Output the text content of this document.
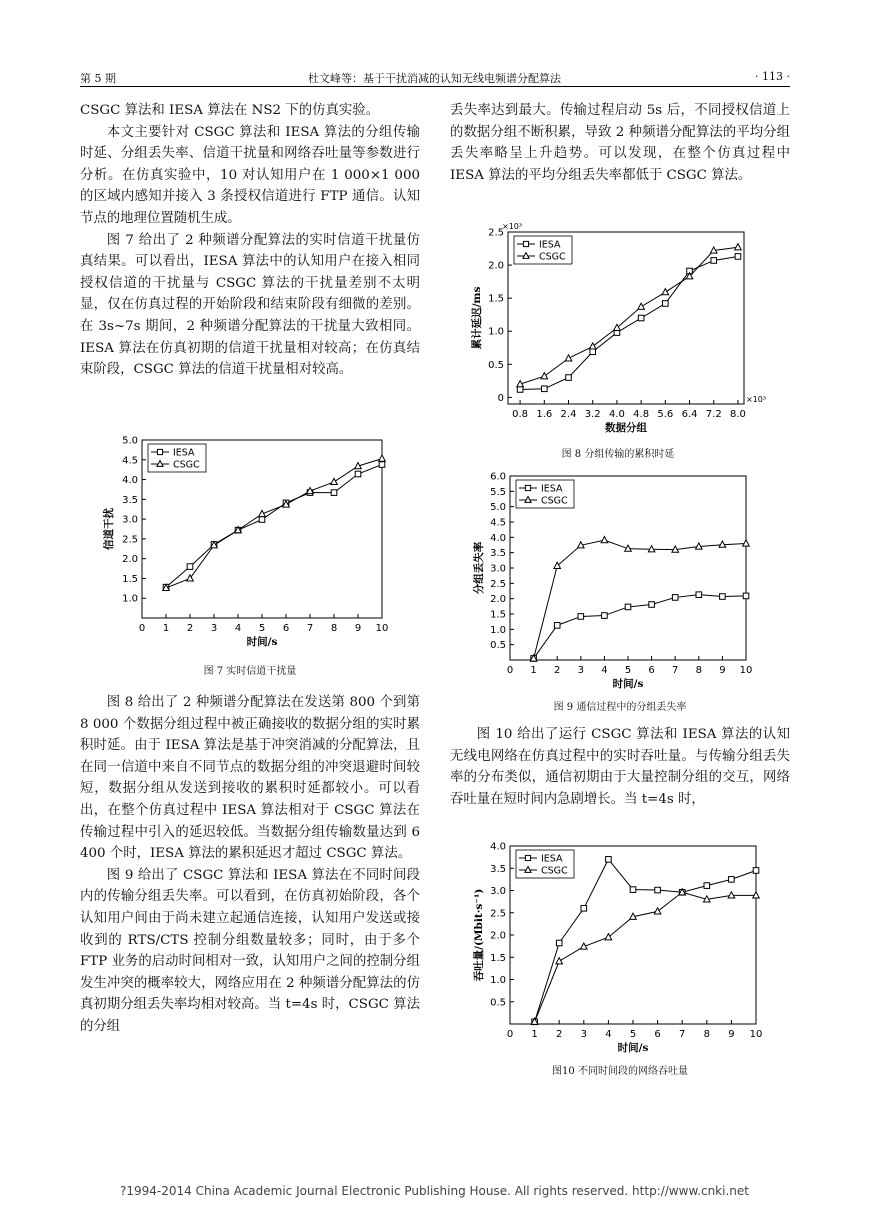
第 5 期	杜文峰等：基于干扰消减的认知无线电频谱分配算法	· 113 ·

CSGC 算法和 IESA 算法在 NS2 下的仿真实验。

本文主要针对 CSGC 算法和 IESA 算法的分组传输时延、分组丢失率、信道干扰量和网络吞吐量等参数进行分析。在仿真实验中，10 对认知用户在 1 000×1 000 的区域内感知并接入 3 条授权信道进行 FTP 通信。认知节点的地理位置随机生成。

图 7 给出了 2 种频谱分配算法的实时信道干扰量仿真结果。可以看出，IESA 算法中的认知用户在接入相同授权信道的干扰量与 CSGC 算法的干扰量差别不太明显，仅在仿真过程的开始阶段和结束阶段有细微的差别。在 3s~7s 期间，2 种频谱分配算法的干扰量大致相同。IESA 算法在仿真初期的信道干扰量相对较高；在仿真结束阶段，CSGC 算法的信道干扰量相对较高。

图 8 给出了 2 种频谱分配算法在发送第 800 个到第 8 000 个数据分组过程中被正确接收的数据分组的实时累积时延。由于 IESA 算法是基于冲突消减的分配算法，且在同一信道中来自不同节点的数据分组的冲突退避时间较短，数据分组从发送到接收的累积时延都较小。可以看出，在整个仿真过程中 IESA 算法相对于 CSGC 算法在传输过程中引入的延迟较低。当数据分组传输数量达到 6 400 个时，IESA 算法的累积延迟才超过 CSGC 算法。

图 9 给出了 CSGC 算法和 IESA 算法在不同时间段内的传输分组丢失率。可以看到，在仿真初始阶段，各个认知用户间由于尚未建立起通信连接，认知用户发送或接收到的 RTS/CTS 控制分组数量较多；同时，由于多个 FTP 业务的启动时间相对一致，认知用户之间的控制分组发生冲突的概率较大，网络应用在 2 种频谱分配算法的仿真初期分组丢失率均相对较高。当 t=4s 时，CSGC 算法的分组

丢失率达到最大。传输过程启动 5s 后，不同授权信道上的数据分组不断积累，导致 2 种频谱分配算法的平均分组丢失率略呈上升趋势。可以发现，在整个仿真过程中 IESA 算法的平均分组丢失率都低于 CSGC 算法。

图 10 给出了运行 CSGC 算法和 IESA 算法的认知无线电网络在仿真过程中的实时吞吐量。与传输分组丢失率的分布类似，通信初期由于大量控制分组的交互，网络吞吐量在短时间内急剧增长。当 t=4s 时，

0 1 2 3 4 5 6 7 8 9 10
1.0
1.5
2.0
2.5
3.0
3.5
4.0
4.5
5.0
时间/s
信道干扰
IESA
CSGC
图 7 实时信道干扰量
0.8 1.6 2.4 3.2 4.0 4.8 5.6 6.4 7.2 8.0
0
0.5
1.0
1.5
2.0
2.5
数据分组
累计延迟/ms
×10³
×10³
IESA
CSGC
图 8 分组传输的累积时延
0 1 2 3 4 5 6 7 8 9 10
0.5
1.0
1.5
2.0
2.5
3.0
3.5
4.0
4.5
5.0
5.5
6.0
时间/s
分组丢失率
IESA
CSGC
图 9 通信过程中的分组丢失率
0 1 2 3 4 5 6 7 8 9 10
0.5
1.0
1.5
2.0
2.5
3.0
3.5
4.0
时间/s
吞吐量/(Mbit·s⁻¹)
IESA
CSGC
图10 不同时间段的网络吞吐量
?1994-2014 China Academic Journal Electronic Publishing House. All rights reserved. http://www.cnki.net
